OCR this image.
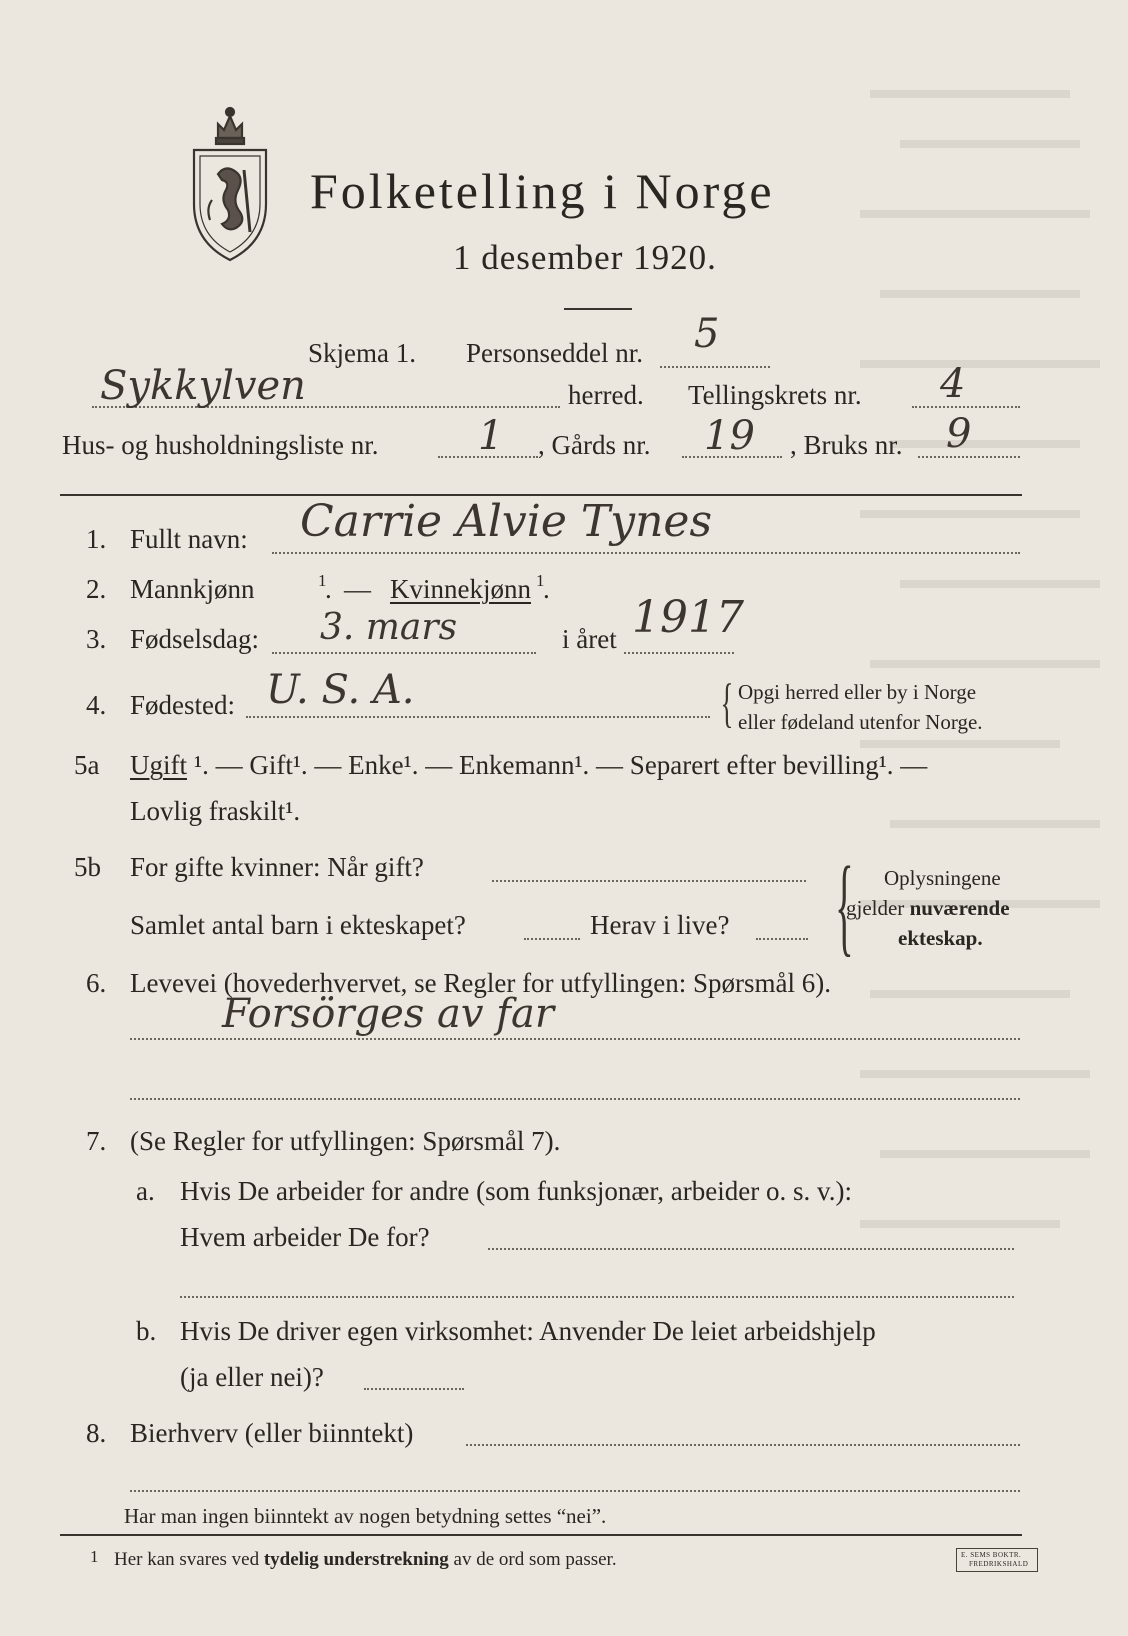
Folketelling i Norge
1 desember 1920.
Skjema 1. Personseddel nr. 5
Sykkylven	herred. Tellingskrets nr. 4
Hus- og husholdningsliste nr. 1 , Gårds nr. 19 , Bruks nr. 9
1. Fullt navn: Carrie Alvie Tynes
2. Mannkjønn	1
. — Kvinnekjønn 1
.
3. Fødselsdag: 3. mars	i året 1917
4. Fødested: U. S. A.	{ Opgi herred eller by i Norge
eller fødeland utenfor Norge.
5a Ugift ¹. — Gift¹. — Enke¹. — Enkemann¹. — Separert efter bevilling¹. —
Lovlig fraskilt¹.
5b For gifte kvinner: Når gift?
Samlet antal barn i ekteskapet?	Herav i live? { Oplysningene
gjelder nuværende
ekteskap.
6. Levevei (hovederhvervet, se Regler for utfyllingen: Spørsmål 6).
Forsörges av far
7. (Se Regler for utfyllingen: Spørsmål 7).
a. Hvis De arbeider for andre (som funksjonær, arbeider o. s. v.):
Hvem arbeider De for?
b. Hvis De driver egen virksomhet: Anvender De leiet arbeidshjelp
(ja eller nei)?
8. Bierhverv (eller biinntekt)
Har man ingen biinntekt av nogen betydning settes “nei”.
1 Her kan svares ved tydelig understrekning av de ord som passer.	E. SEMS BOKTR.
FREDRIKSHALD
